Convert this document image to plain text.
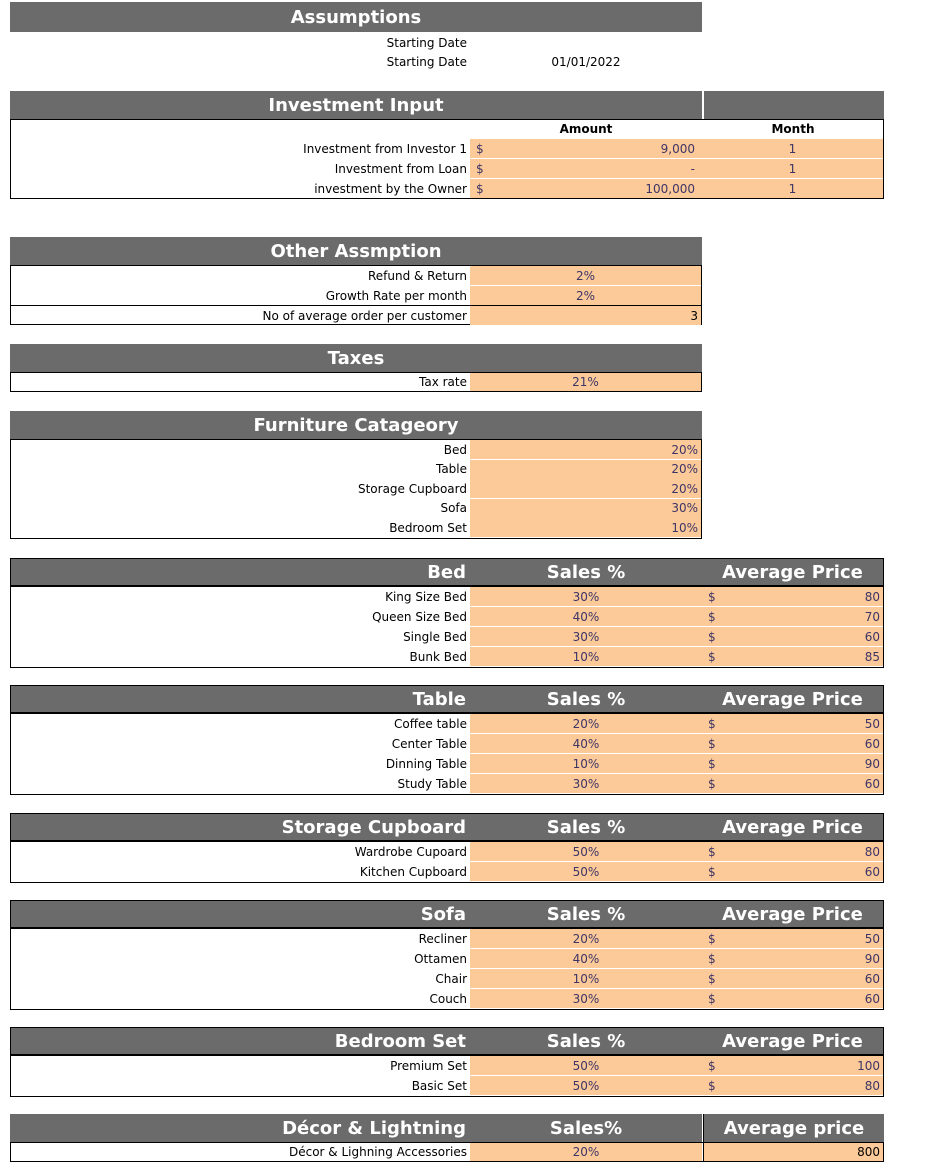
Assumptions
Starting Date
Starting Date	01/01/2022
Investment Input
Amount	Month
Investment from Investor 1 $	9,000	1
Investment from Loan $	-	1
investment by the Owner $	100,000	1
Other Assmption
Refund & Return	2%
Growth Rate per month	2%
No of average order per customer	3
Taxes
Tax rate	21%
Furniture Catageory
Bed	20%
Table	20%
Storage Cupboard	20%
Sofa	30%
Bedroom Set	10%
Bed	Sales %	Average Price
King Size Bed	30%	$	80
Queen Size Bed	40%	$	70
Single Bed	30%	$	60
Bunk Bed	10%	$	85
Table	Sales %	Average Price
Coffee table	20%	$	50
Center Table	40%	$	60
Dinning Table	10%	$	90
Study Table	30%	$	60
Storage Cupboard	Sales %	Average Price
Wardrobe Cupoard	50%	$	80
Kitchen Cupboard	50%	$	60
Sofa	Sales %	Average Price
Recliner	20%	$	50
Ottamen	40%	$	90
Chair	10%	$	60
Couch	30%	$	60
Bedroom Set	Sales %	Average Price
Premium Set	50%	$	100
Basic Set	50%	$	80
Décor & Lightning	Sales%	Average price
Décor & Lighning Accessories	20%	800
